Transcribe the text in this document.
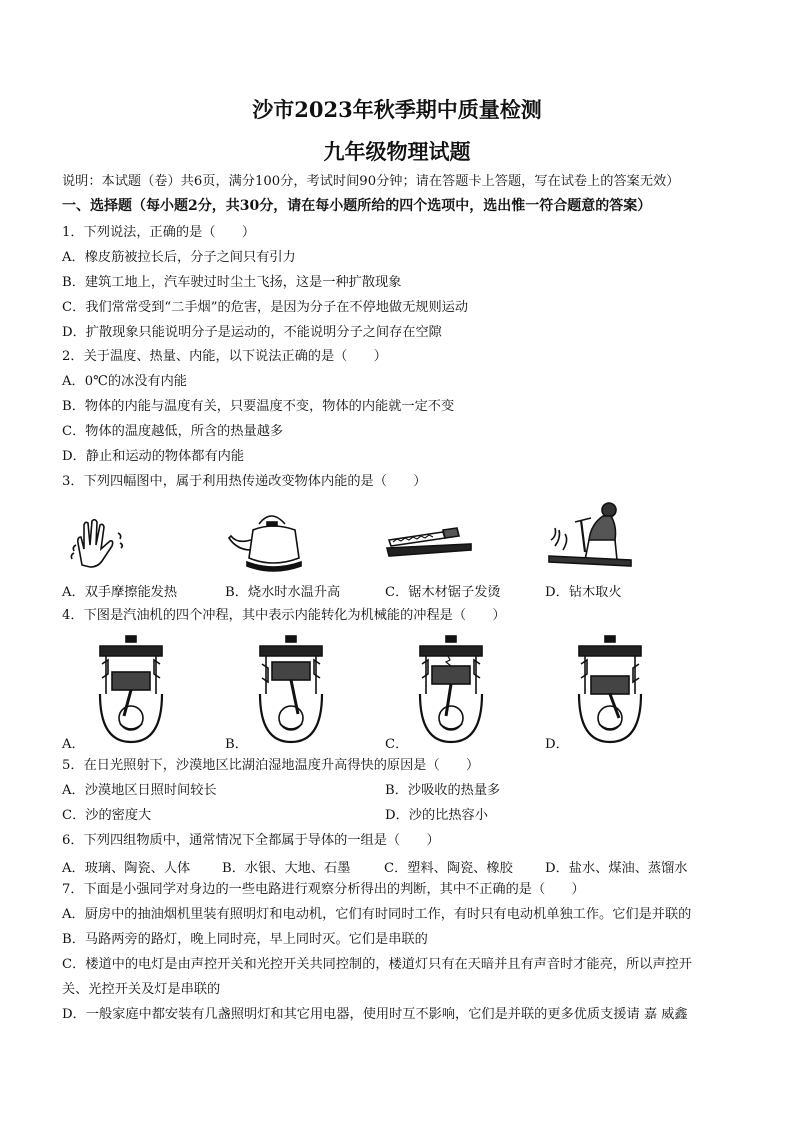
沙市2023年秋季期中质量检测
九年级物理试题
说明：本试题（卷）共6页，满分100分，考试时间90分钟；请在答题卡上答题，写在试卷上的答案无效）
一、选择题（每小题2分，共30分，请在每小题所给的四个选项中，选出惟一符合题意的答案）
1．下列说法，正确的是（　　）
A．橡皮筋被拉长后，分子之间只有引力
B．建筑工地上，汽车驶过时尘土飞扬，这是一种扩散现象
C．我们常常受到“二手烟”的危害，是因为分子在不停地做无规则运动
D．扩散现象只能说明分子是运动的，不能说明分子之间存在空隙
2．关于温度、热量、内能，以下说法正确的是（　　）
A．0℃的冰没有内能
B．物体的内能与温度有关，只要温度不变，物体的内能就一定不变
C．物体的温度越低，所含的热量越多
D．静止和运动的物体都有内能
3．下列四幅图中，属于利用热传递改变物体内能的是（　　）
A．双手摩擦能发热	B．烧水时水温升高	C．锯木材锯子发烫	D．钻木取火
4．下图是汽油机的四个冲程，其中表示内能转化为机械能的冲程是（　　）
A．	B．	C．	D．
5．在日光照射下，沙漠地区比湖泊湿地温度升高得快的原因是（　　）
A．沙漠地区日照时间较长	B．沙吸收的热量多
C．沙的密度大	D．沙的比热容小
6．下列四组物质中，通常情况下全都属于导体的一组是（　　）
A．玻璃、陶瓷、人体 B．水银、大地、石墨	C．塑料、陶瓷、橡胶 D．盐水、煤油、蒸馏水
7．下面是小强同学对身边的一些电路进行观察分析得出的判断，其中不正确的是（　　）
A．厨房中的抽油烟机里装有照明灯和电动机，它们有时同时工作，有时只有电动机单独工作。它们是并联的
B．马路两旁的路灯，晚上同时亮，早上同时灭。它们是串联的
C．楼道中的电灯是由声控开关和光控开关共同控制的，楼道灯只有在天暗并且有声音时才能亮，所以声控开
关、光控开关及灯是串联的
D．一般家庭中都安装有几盏照明灯和其它用电器，使用时互不影响，它们是并联的更多优质支援请 嘉 威鑫
